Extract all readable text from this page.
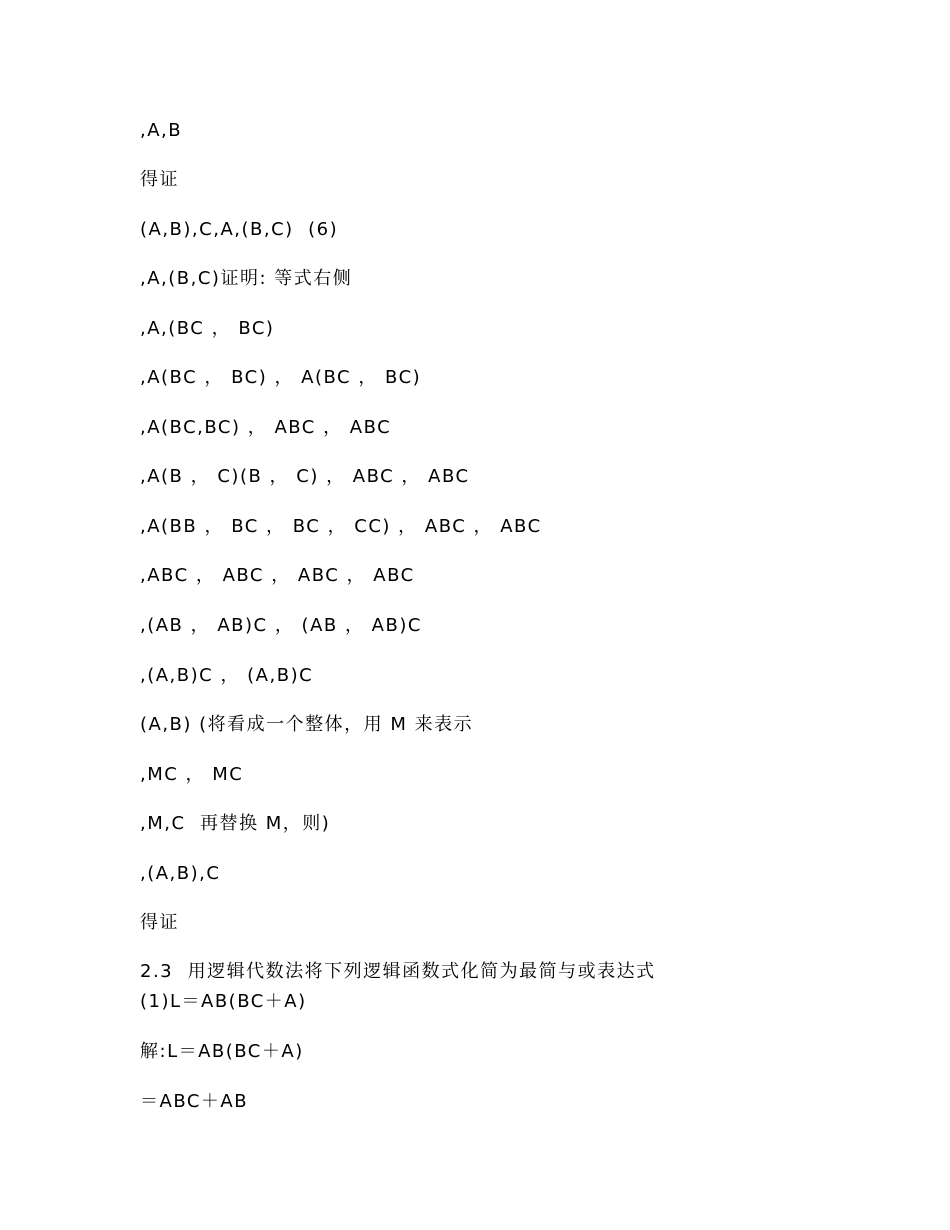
,A,B
得证
(A,B),C,A,(B,C)  (6)
,A,(B,C)证明: 等式右侧
,A,(BC ， BC)
,A(BC ， BC) ， A(BC ， BC)
,A(BC,BC) ， ABC ， ABC
,A(B ， C)(B ， C) ， ABC ， ABC
,A(BB ， BC ， BC ， CC) ， ABC ， ABC
,ABC ， ABC ， ABC ， ABC
,(AB ， AB)C ， (AB ， AB)C
,(A,B)C ， (A,B)C
(A,B) (将看成一个整体，用 M 来表示
,MC ， MC
,M,C  再替换 M，则)
,(A,B),C
得证
2.3  用逻辑代数法将下列逻辑函数式化简为最简与或表达式
(1)L＝AB(BC＋A)
解:L＝AB(BC＋A)
＝ABC＋AB
